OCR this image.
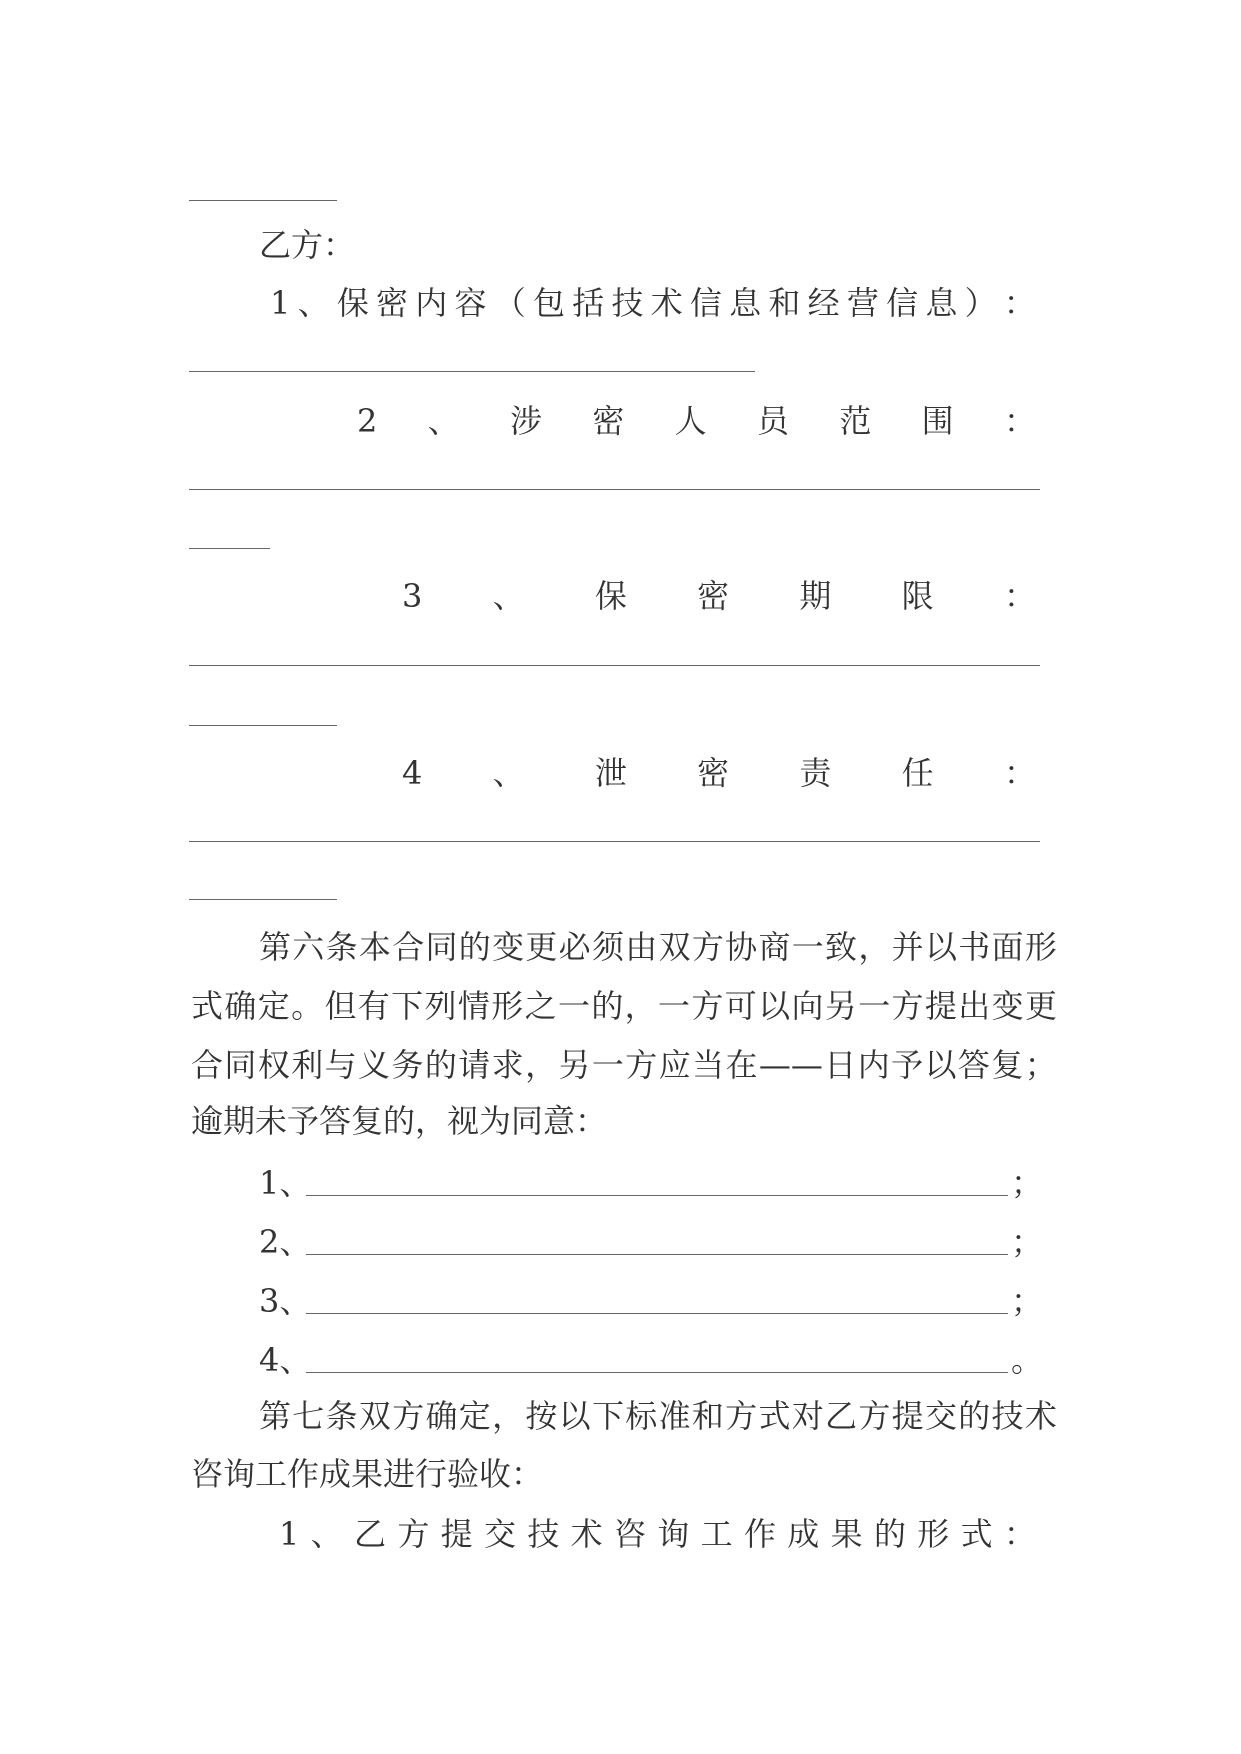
乙方：
1 、 保 密 内 容 （ 包 括 技 术 信 息 和 经 营 信 息 ） ：
2 、 涉 密 人 员 范 围 ：
3 、 保 密 期 限 ：
4 、 泄 密 责 任 ：
第 六 条 本 合 同 的 变 更 必 须 由 双 方 协 商 一 致 ， 并 以 书 面 形
式 确 定 。 但 有 下 列 情 形 之 一 的 ， 一 方 可 以 向 另 一 方 提 出 变 更
合 同 权 利 与 义 务 的 请 求 ， 另 一 方 应 当 在 —— 日 内 予 以 答 复 ；
逾期未予答复的，视为同意：
1、	；
2、	；
3、	；
4、	。
第 七 条 双 方 确 定 ， 按 以 下 标 准 和 方 式 对 乙 方 提 交 的 技 术
咨询工作成果进行验收：
1 、 乙 方 提 交 技 术 咨 询 工 作 成 果 的 形 式 ：
